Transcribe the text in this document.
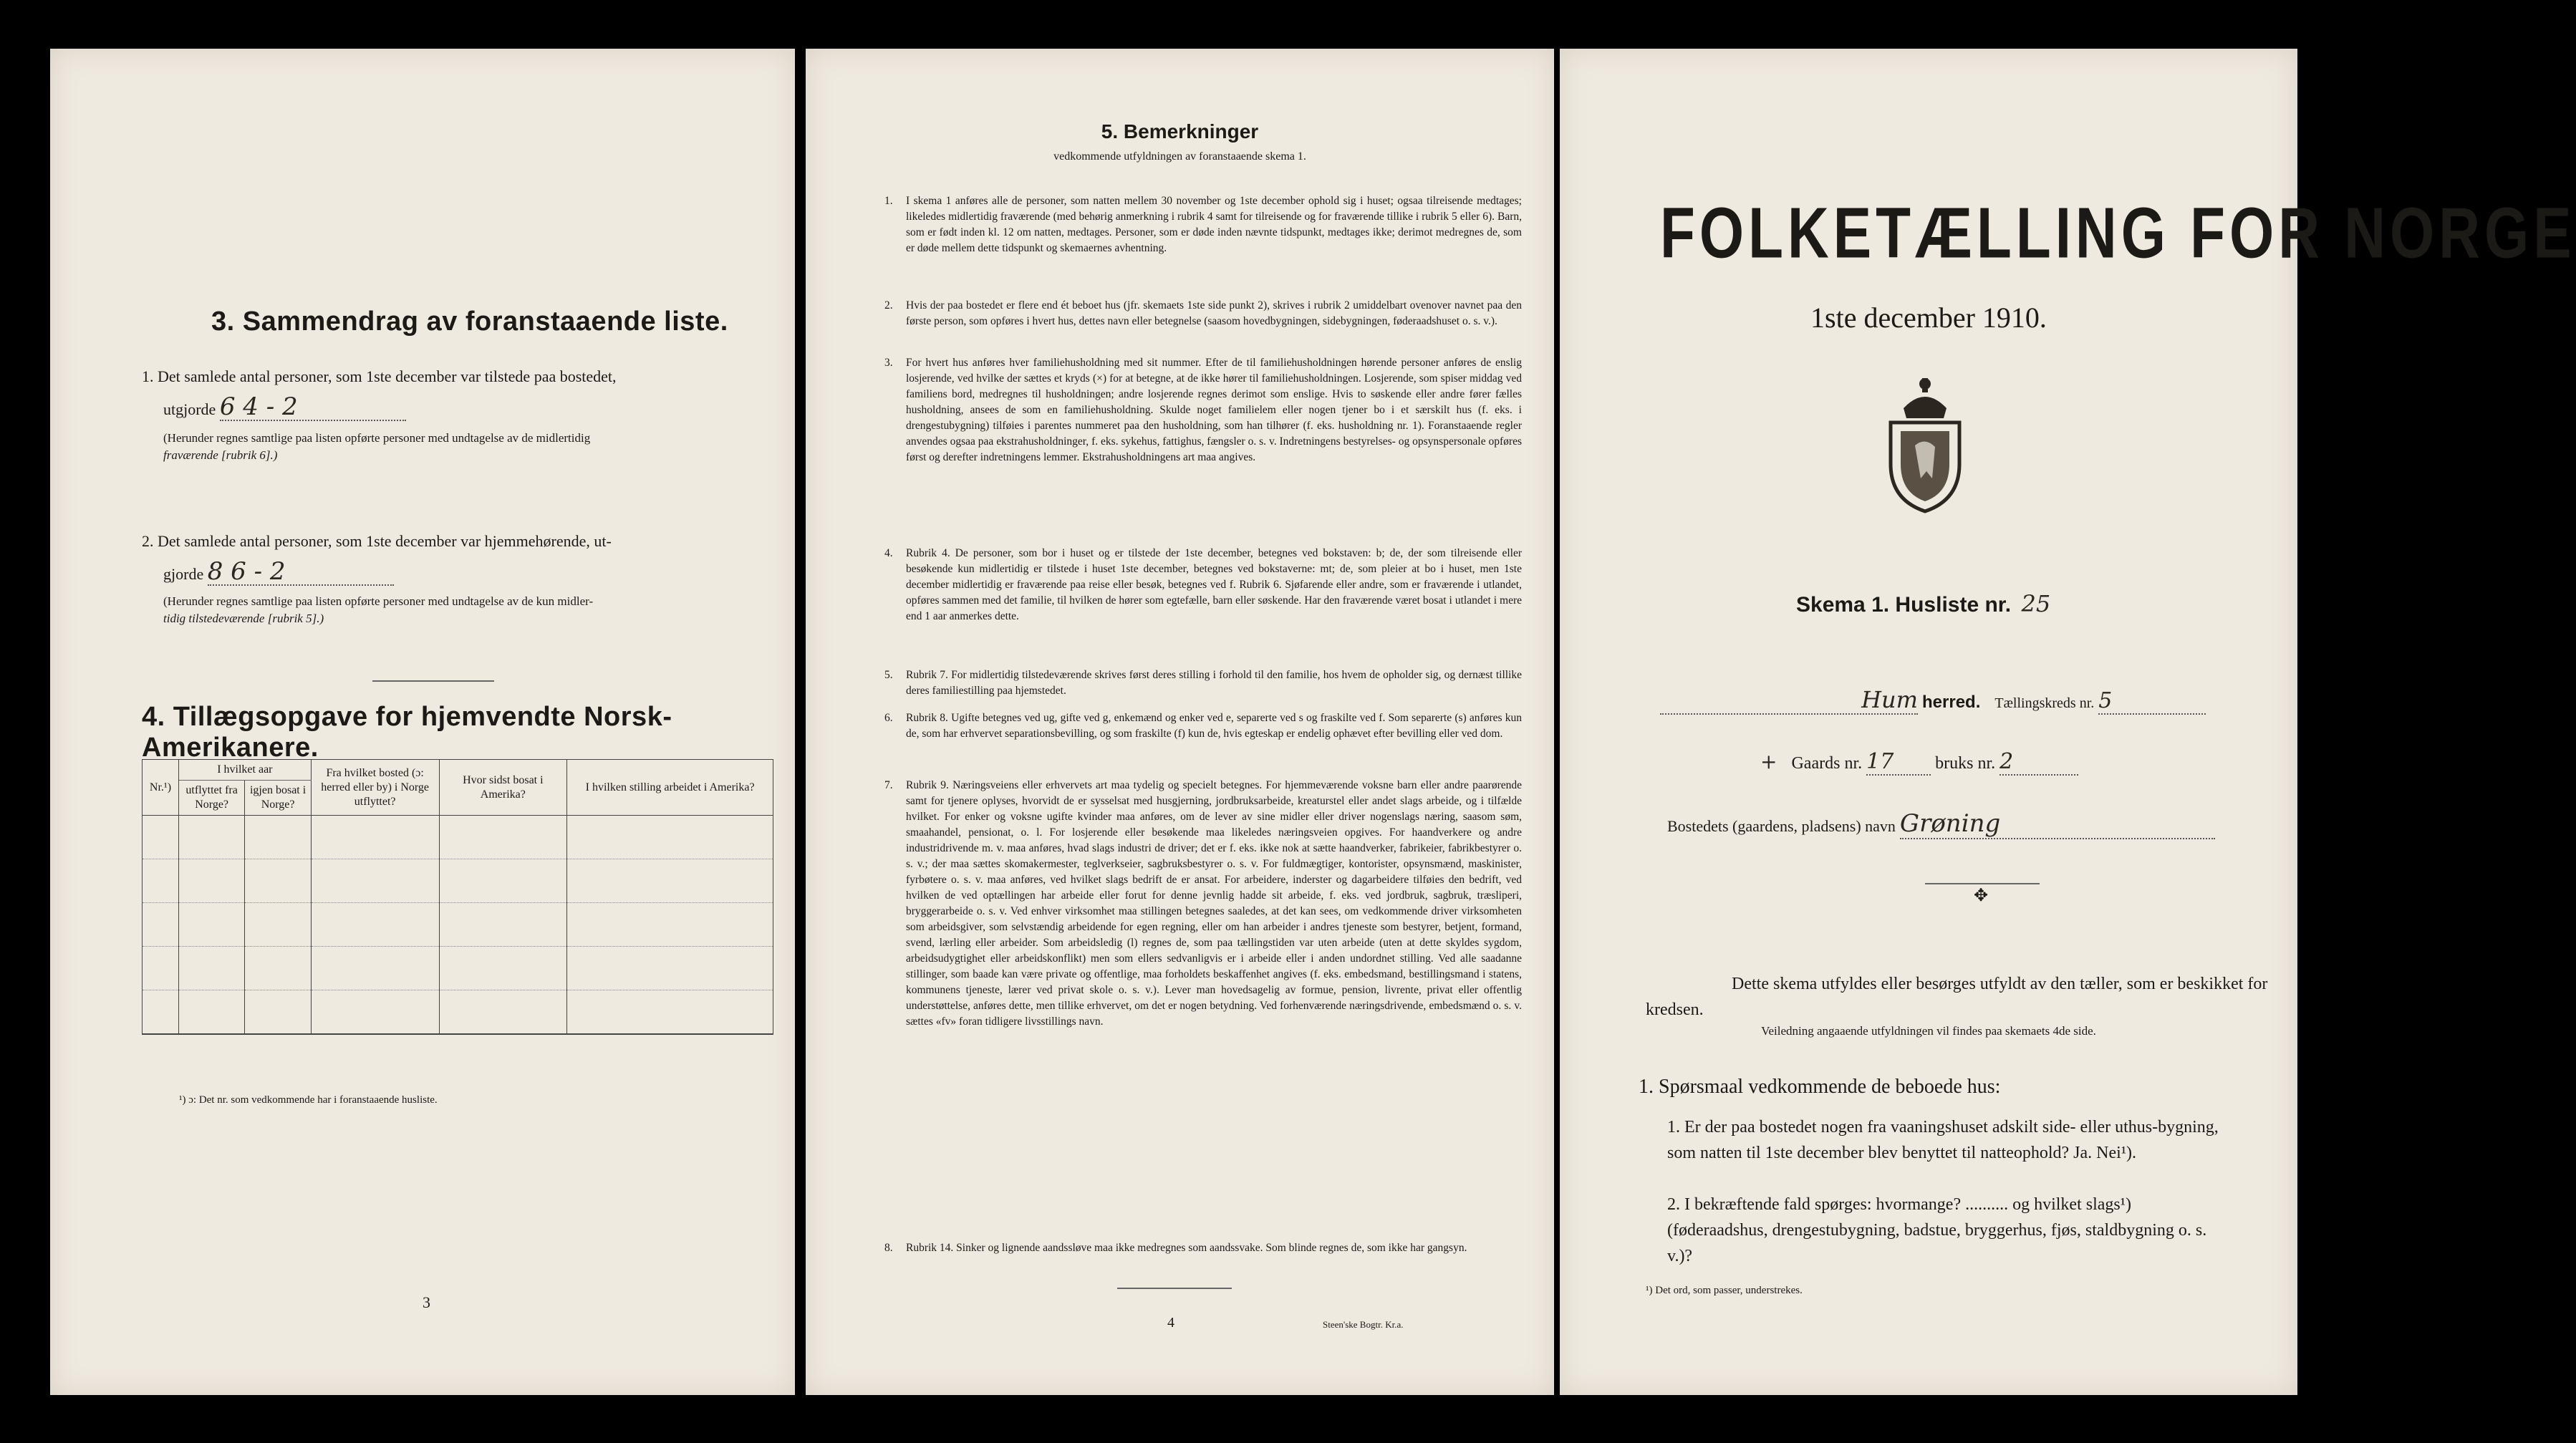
3. Sammendrag av foranstaaende liste.
1. Det samlede antal personer, som 1ste december var tilstede paa bostedet,
utgjorde 6 4 - 2
(Herunder regnes samtlige paa listen opførte personer med undtagelse av de midlertidig
fraværende [rubrik 6].)
2. Det samlede antal personer, som 1ste december var hjemmehørende, ut-
gjorde 8 6 - 2
(Herunder regnes samtlige paa listen opførte personer med undtagelse av de kun midler-
tidig tilstedeværende [rubrik 5].)
4. Tillægsopgave for hjemvendte Norsk-Amerikanere.
Nr.¹)	I hvilket aar		Fra hvilket bosted (ɔ: herred eller by) i Norge utflyttet?	Hvor sidst bosat i Amerika?	I hvilken stilling arbeidet i Amerika?
	utflyttet fra Norge?	igjen bosat i Norge?			

¹) ɔ: Det nr. som vedkommende har i foranstaaende husliste.
3
5. Bemerkninger
vedkommende utfyldningen av foranstaaende skema 1.
1. I skema 1 anføres alle de personer, som natten mellem 30 november og 1ste december ophold sig i huset; ogsaa tilreisende medtages; likeledes midlertidig fraværende (med behørig anmerkning i rubrik 4 samt for tilreisende og for fraværende tillike i rubrik 5 eller 6). Barn, som er født inden kl. 12 om natten, medtages. Personer, som er døde inden nævnte tidspunkt, medtages ikke; derimot medregnes de, som er døde mellem dette tidspunkt og skemaernes avhentning.
2. Hvis der paa bostedet er flere end ét beboet hus (jfr. skemaets 1ste side punkt 2), skrives i rubrik 2 umiddelbart ovenover navnet paa den første person, som opføres i hvert hus, dettes navn eller betegnelse (saasom hovedbygningen, sidebygningen, føderaadshuset o. s. v.).
3. For hvert hus anføres hver familiehusholdning med sit nummer. Efter de til familiehusholdningen hørende personer anføres de enslig losjerende, ved hvilke der sættes et kryds (×) for at betegne, at de ikke hører til familiehusholdningen. Losjerende, som spiser middag ved familiens bord, medregnes til husholdningen; andre losjerende regnes derimot som enslige. Hvis to søskende eller andre fører fælles husholdning, ansees de som en familiehusholdning. Skulde noget familielem eller nogen tjener bo i et særskilt hus (f. eks. i drengestubygning) tilføies i parentes nummeret paa den husholdning, som han tilhører (f. eks. husholdning nr. 1). Foranstaaende regler anvendes ogsaa paa ekstrahusholdninger, f. eks. sykehus, fattighus, fængsler o. s. v. Indretningens bestyrelses- og opsynspersonale opføres først og derefter indretningens lemmer. Ekstrahusholdningens art maa angives.
4. Rubrik 4. De personer, som bor i huset og er tilstede der 1ste december, betegnes ved bokstaven: b; de, der som tilreisende eller besøkende kun midlertidig er tilstede i huset 1ste december, betegnes ved bokstaverne: mt; de, som pleier at bo i huset, men 1ste december midlertidig er fraværende paa reise eller besøk, betegnes ved f. Rubrik 6. Sjøfarende eller andre, som er fraværende i utlandet, opføres sammen med det familie, til hvilken de hører som egtefælle, barn eller søskende. Har den fraværende været bosat i utlandet i mere end 1 aar anmerkes dette.
5. Rubrik 7. For midlertidig tilstedeværende skrives først deres stilling i forhold til den familie, hos hvem de opholder sig, og dernæst tillike deres familiestilling paa hjemstedet.
6. Rubrik 8. Ugifte betegnes ved ug, gifte ved g, enkemænd og enker ved e, separerte ved s og fraskilte ved f. Som separerte (s) anføres kun de, som har erhvervet separationsbevilling, og som fraskilte (f) kun de, hvis egteskap er endelig ophævet efter bevilling eller ved dom.
7. Rubrik 9. Næringsveiens eller erhvervets art maa tydelig og specielt betegnes. For hjemmeværende voksne barn eller andre paarørende samt for tjenere oplyses, hvorvidt de er sysselsat med husgjerning, jordbruksarbeide, kreaturstel eller andet slags arbeide, og i tilfælde hvilket. For enker og voksne ugifte kvinder maa anføres, om de lever av sine midler eller driver nogenslags næring, saasom søm, smaahandel, pensionat, o. l. For losjerende eller besøkende maa likeledes næringsveien opgives. For haandverkere og andre industridrivende m. v. maa anføres, hvad slags industri de driver; det er f. eks. ikke nok at sætte haandverker, fabrikeier, fabrikbestyrer o. s. v.; der maa sættes skomakermester, teglverkseier, sagbruksbestyrer o. s. v. For fuldmægtiger, kontorister, opsynsmænd, maskinister, fyrbøtere o. s. v. maa anføres, ved hvilket slags bedrift de er ansat. For arbeidere, inderster og dagarbeidere tilføies den bedrift, ved hvilken de ved optællingen har arbeide eller forut for denne jevnlig hadde sit arbeide, f. eks. ved jordbruk, sagbruk, træsliperi, bryggerarbeide o. s. v. Ved enhver virksomhet maa stillingen betegnes saaledes, at det kan sees, om vedkommende driver virksomheten som arbeidsgiver, som selvstændig arbeidende for egen regning, eller om han arbeider i andres tjeneste som bestyrer, betjent, formand, svend, lærling eller arbeider. Som arbeidsledig (l) regnes de, som paa tællingstiden var uten arbeide (uten at dette skyldes sygdom, arbeidsudygtighet eller arbeidskonflikt) men som ellers sedvanligvis er i arbeide eller i anden undordnet stilling. Ved alle saadanne stillinger, som baade kan være private og offentlige, maa forholdets beskaffenhet angives (f. eks. embedsmand, bestillingsmand i statens, kommunens tjeneste, lærer ved privat skole o. s. v.). Lever man hovedsagelig av formue, pension, livrente, privat eller offentlig understøttelse, anføres dette, men tillike erhvervet, om det er nogen betydning. Ved forhenværende næringsdrivende, embedsmænd o. s. v. sættes «fv» foran tidligere livsstillings navn.
8. Rubrik 14. Sinker og lignende aandssløve maa ikke medregnes som aandssvake. Som blinde regnes de, som ikke har gangsyn.
4	Steen'ske Bogtr. Kr.a.
FOLKETÆLLING FOR NORGE
1ste december 1910.
Skema 1. Husliste nr. 25
Hum herred. Tællingskreds nr. 5
+ Gaards nr. 17 bruks nr. 2
Bostedets (gaardens, pladsens) navn Grøning
✥
Dette skema utfyldes eller besørges utfyldt av den tæller, som er beskikket for kredsen.
Veiledning angaaende utfyldningen vil findes paa skemaets 4de side.
1. Spørsmaal vedkommende de beboede hus:
1. Er der paa bostedet nogen fra vaaningshuset adskilt side- eller uthus-bygning, som natten til 1ste december blev benyttet til natteophold? Ja. Nei¹).
2. I bekræftende fald spørges: hvormange? .......... og hvilket slags¹) (føderaadshus, drengestubygning, badstue, bryggerhus, fjøs, staldbygning o. s. v.)?
¹) Det ord, som passer, understrekes.
